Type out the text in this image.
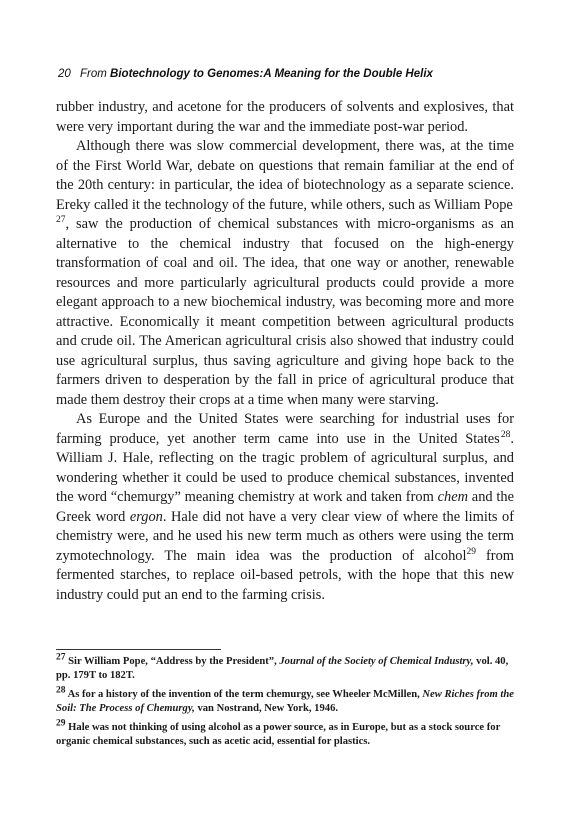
20 From Biotechnology to Genomes:A Meaning for the Double Helix

rubber industry, and acetone for the producers of solvents and explosives, that were very important during the war and the immediate post-war period.

Although there was slow commercial development, there was, at the time of the First World War, debate on questions that remain familiar at the end of the 20th century: in particular, the idea of biotechnology as a separate science. Ereky called it the technology of the future, while others, such as William Pope $^{27}$, saw the production of chemical substances with micro-organisms as an alternative to the chemical industry that focused on the high-energy transformation of coal and oil. The idea, that one way or another, renewable resources and more particularly agricultural products could provide a more elegant approach to a new biochemical industry, was becoming more and more attractive. Economically it meant competition between agricultural products and crude oil. The American agricultural crisis also showed that industry could use agricultural surplus, thus saving agriculture and giving hope back to the farmers driven to desperation by the fall in price of agricultural produce that made them destroy their crops at a time when many were starving.

As Europe and the United States were searching for industrial uses for farming produce, yet another term came into use in the United States $^{28}$. William J. Hale, reflecting on the tragic problem of agricultural surplus, and wondering whether it could be used to produce chemical substances, invented the word “chemurgy” meaning chemistry at work and taken from chem and the Greek word ergon. Hale did not have a very clear view of where the limits of chemistry were, and he used his new term much as others were using the term zymotechnology. The main idea was the production of alcohol$^{29}$ from fermented starches, to replace oil-based petrols, with the hope that this new industry could put an end to the farming crisis.

$^{27}$ Sir William Pope, “Address by the President”, Journal of the Society of Chemical Industry, vol. 40, pp. 179T to 182T.

$^{28}$ As for a history of the invention of the term chemurgy, see Wheeler McMillen, New Riches from the Soil: The Process of Chemurgy, van Nostrand, New York, 1946.

$^{29}$ Hale was not thinking of using alcohol as a power source, as in Europe, but as a stock source for organic chemical substances, such as acetic acid, essential for plastics.
